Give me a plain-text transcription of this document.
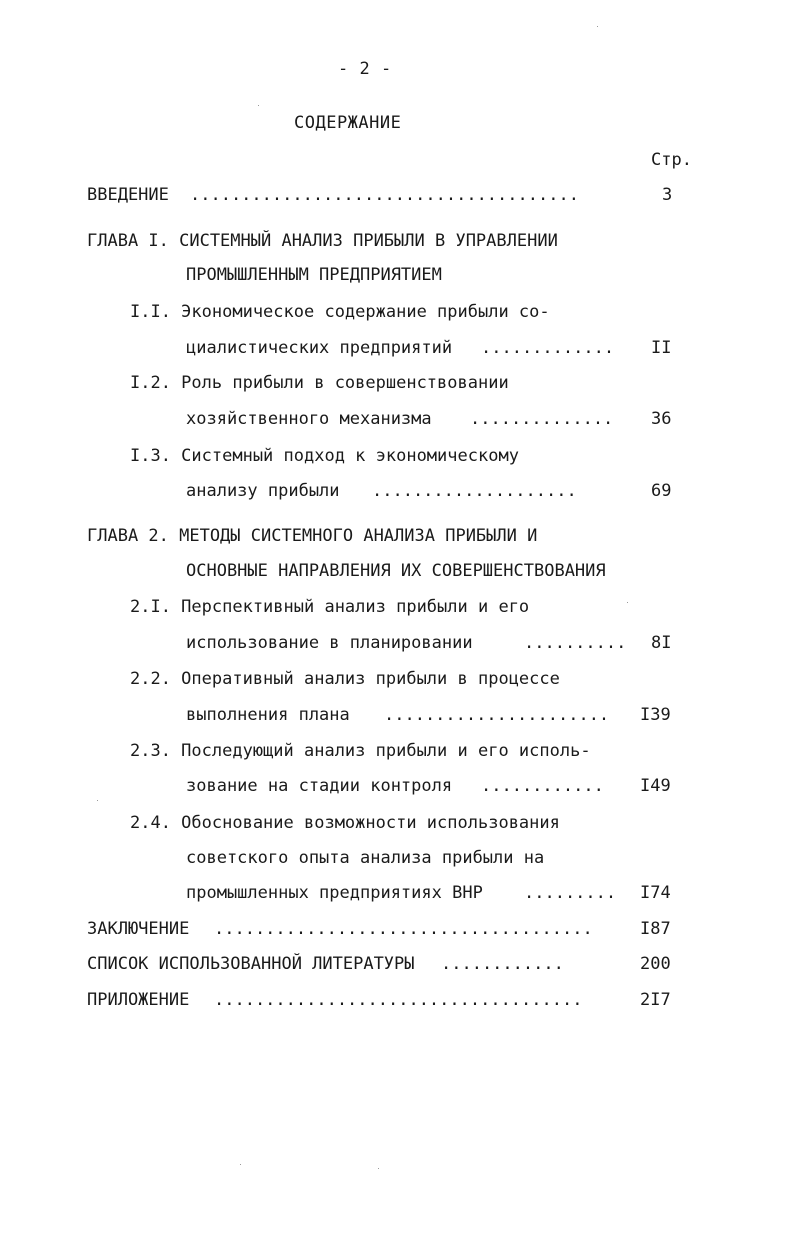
- 2 -
СОДЕРЖАНИЕ
Стр.
ВВЕДЕНИЕ ......................................	3
ГЛАВА I. СИСТЕМНЫЙ АНАЛИЗ ПРИБЫЛИ В УПРАВЛЕНИИ
ПРОМЫШЛЕННЫМ ПРЕДПРИЯТИЕМ
I.I. Экономическое содержание прибыли со-
циалистических предприятий ............. II
I.2. Роль прибыли в совершенствовании
хозяйственного механизма .............. 36
I.3. Системный подход к экономическому
анализу прибыли ....................	69
ГЛАВА 2. МЕТОДЫ СИСТЕМНОГО АНАЛИЗА ПРИБЫЛИ И
ОСНОВНЫЕ НАПРАВЛЕНИЯ ИХ СОВЕРШЕНСТВОВАНИЯ
2.I. Перспективный анализ прибыли и его
использование в планировании	.......... 8I
2.2. Оперативный анализ прибыли в процессе
выполнения плана ...................... I39
2.3. Последующий анализ прибыли и его исполь-
зование на стадии контроля ............ I49
2.4. Обоснование возможности использования
советского опыта анализа прибыли на
промышленных предприятиях ВНР ......... I74
ЗАКЛЮЧЕНИЕ .....................................	I87
СПИСОК ИСПОЛЬЗОВАННОЙ ЛИТЕРАТУРЫ ............	200
ПРИЛОЖЕНИЕ ....................................	2I7
